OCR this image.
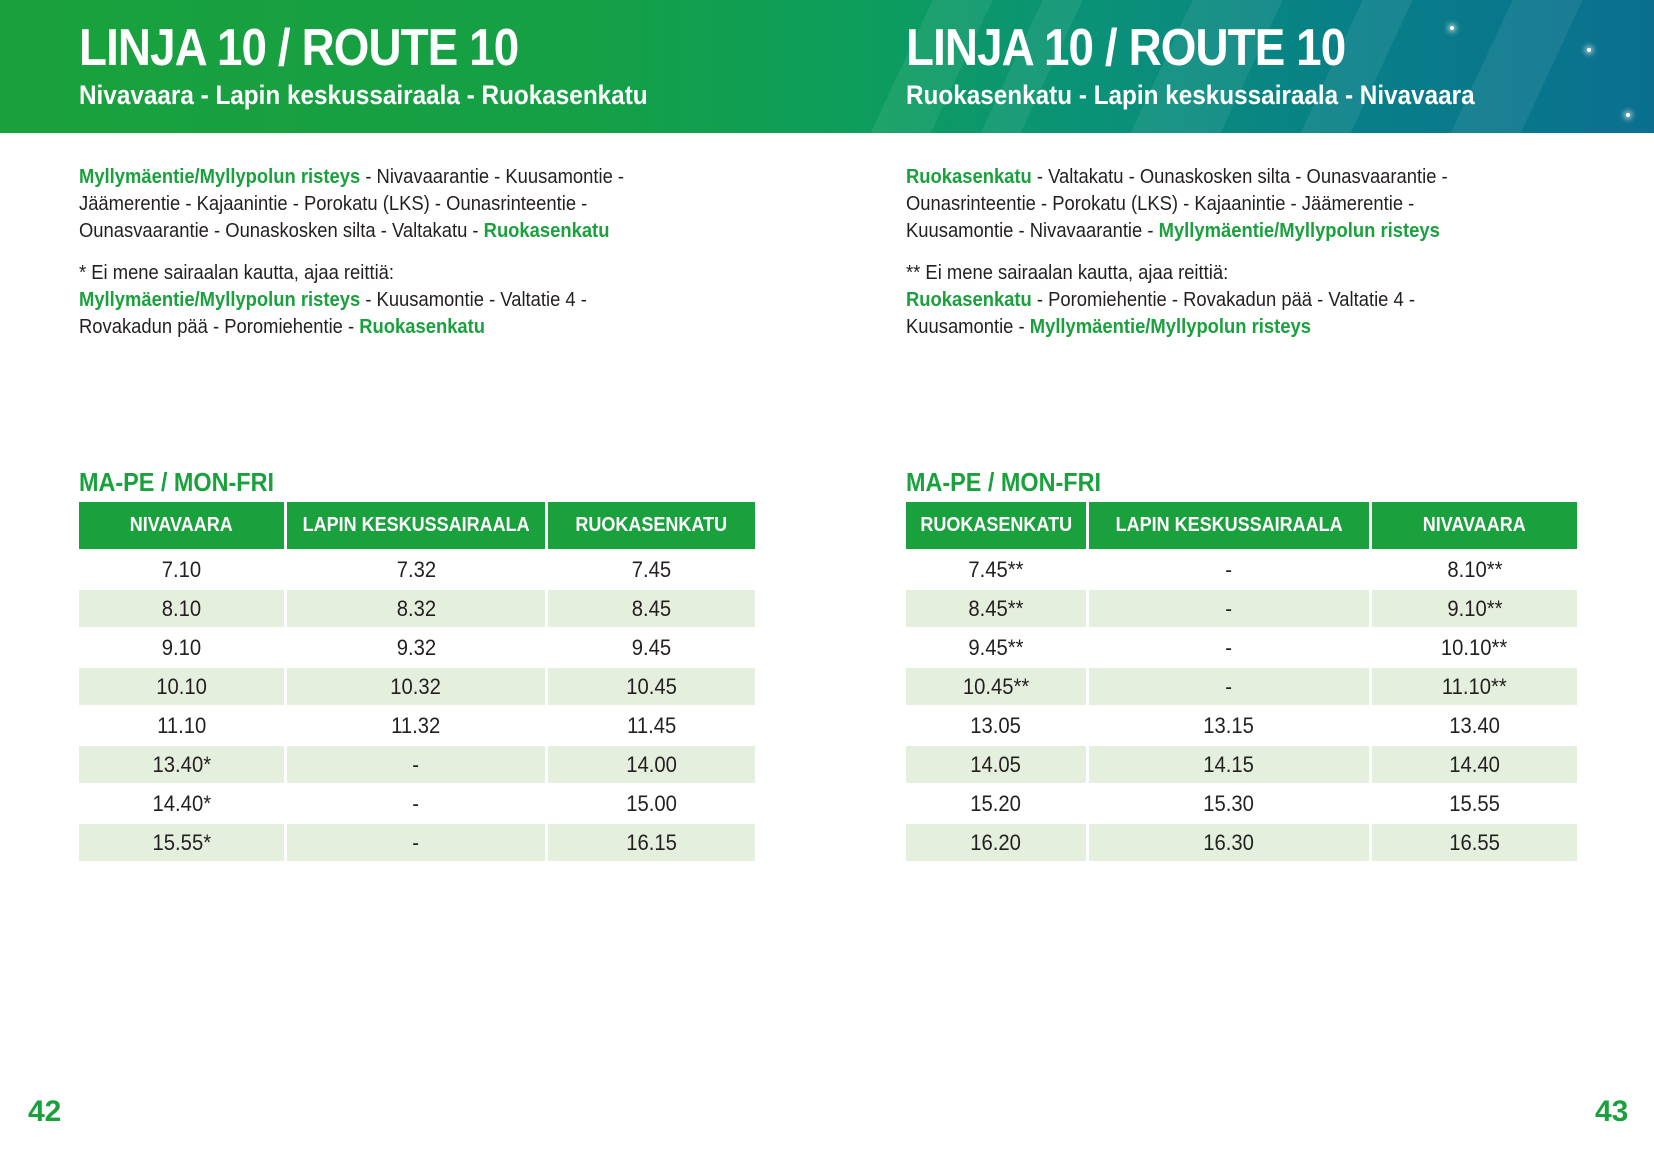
LINJA 10 / ROUTE 10

Nivavaara - Lapin keskussairaala - Ruokasenkatu

LINJA 10 / ROUTE 10

Ruokasenkatu - Lapin keskussairaala - Nivavaara

Myllymäentie/Myllypolun risteys - Nivavaarantie - Kuusamontie -
Jäämerentie - Kajaanintie - Porokatu (LKS) - Ounasrinteentie -
Ounasvaarantie - Ounaskosken silta - Valtakatu - Ruokasenkatu

* Ei mene sairaalan kautta, ajaa reittiä:
Myllymäentie/Myllypolun risteys - Kuusamontie - Valtatie 4 -
Rovakadun pää - Poromiehentie - Ruokasenkatu

MA-PE / MON-FRI
NIVAVAARA	LAPIN KESKUSSAIRAALA	RUOKASENKATU
7.10	7.32	7.45
8.10	8.32	8.45
9.10	9.32	9.45
10.10	10.32	10.45
11.10	11.32	11.45
13.40*	-	14.00
14.40*	-	15.00
15.55*	-	16.15

42

Ruokasenkatu - Valtakatu - Ounaskosken silta - Ounasvaarantie -
Ounasrinteentie - Porokatu (LKS) - Kajaanintie - Jäämerentie -
Kuusamontie - Nivavaarantie - Myllymäentie/Myllypolun risteys

** Ei mene sairaalan kautta, ajaa reittiä:
Ruokasenkatu - Poromiehentie - Rovakadun pää - Valtatie 4 -
Kuusamontie - Myllymäentie/Myllypolun risteys

MA-PE / MON-FRI
RUOKASENKATU	LAPIN KESKUSSAIRAALA	NIVAVAARA
7.45**	-	8.10**
8.45**	-	9.10**
9.45**	-	10.10**
10.45**	-	11.10**
13.05	13.15	13.40
14.05	14.15	14.40
15.20	15.30	15.55
16.20	16.30	16.55

43
